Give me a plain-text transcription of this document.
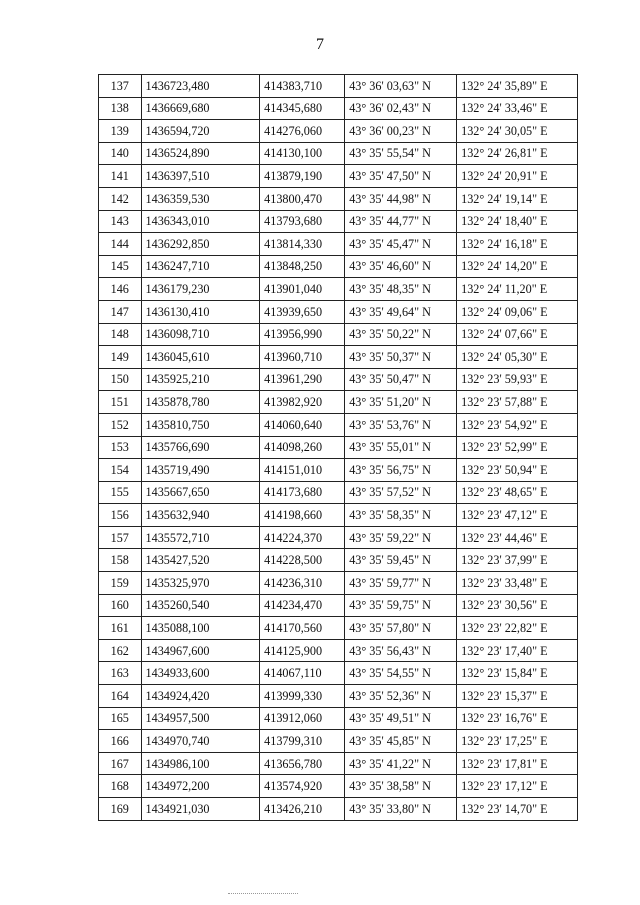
7
137	1436723,480	414383,710	43° 36' 03,63" N	132° 24' 35,89" E
138	1436669,680	414345,680	43° 36' 02,43" N	132° 24' 33,46" E
139	1436594,720	414276,060	43° 36' 00,23" N	132° 24' 30,05" E
140	1436524,890	414130,100	43° 35' 55,54" N	132° 24' 26,81" E
141	1436397,510	413879,190	43° 35' 47,50" N	132° 24' 20,91" E
142	1436359,530	413800,470	43° 35' 44,98" N	132° 24' 19,14" E
143	1436343,010	413793,680	43° 35' 44,77" N	132° 24' 18,40" E
144	1436292,850	413814,330	43° 35' 45,47" N	132° 24' 16,18" E
145	1436247,710	413848,250	43° 35' 46,60" N	132° 24' 14,20" E
146	1436179,230	413901,040	43° 35' 48,35" N	132° 24' 11,20" E
147	1436130,410	413939,650	43° 35' 49,64" N	132° 24' 09,06" E
148	1436098,710	413956,990	43° 35' 50,22" N	132° 24' 07,66" E
149	1436045,610	413960,710	43° 35' 50,37" N	132° 24' 05,30" E
150	1435925,210	413961,290	43° 35' 50,47" N	132° 23' 59,93" E
151	1435878,780	413982,920	43° 35' 51,20" N	132° 23' 57,88" E
152	1435810,750	414060,640	43° 35' 53,76" N	132° 23' 54,92" E
153	1435766,690	414098,260	43° 35' 55,01" N	132° 23' 52,99" E
154	1435719,490	414151,010	43° 35' 56,75" N	132° 23' 50,94" E
155	1435667,650	414173,680	43° 35' 57,52" N	132° 23' 48,65" E
156	1435632,940	414198,660	43° 35' 58,35" N	132° 23' 47,12" E
157	1435572,710	414224,370	43° 35' 59,22" N	132° 23' 44,46" E
158	1435427,520	414228,500	43° 35' 59,45" N	132° 23' 37,99" E
159	1435325,970	414236,310	43° 35' 59,77" N	132° 23' 33,48" E
160	1435260,540	414234,470	43° 35' 59,75" N	132° 23' 30,56" E
161	1435088,100	414170,560	43° 35' 57,80" N	132° 23' 22,82" E
162	1434967,600	414125,900	43° 35' 56,43" N	132° 23' 17,40" E
163	1434933,600	414067,110	43° 35' 54,55" N	132° 23' 15,84" E
164	1434924,420	413999,330	43° 35' 52,36" N	132° 23' 15,37" E
165	1434957,500	413912,060	43° 35' 49,51" N	132° 23' 16,76" E
166	1434970,740	413799,310	43° 35' 45,85" N	132° 23' 17,25" E
167	1434986,100	413656,780	43° 35' 41,22" N	132° 23' 17,81" E
168	1434972,200	413574,920	43° 35' 38,58" N	132° 23' 17,12" E
169	1434921,030	413426,210	43° 35' 33,80" N	132° 23' 14,70" E
